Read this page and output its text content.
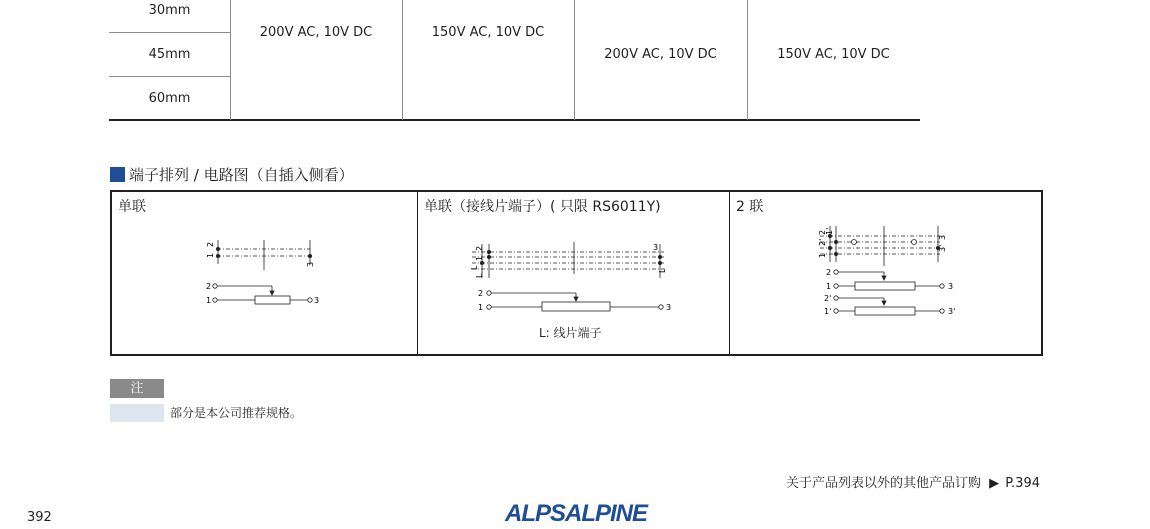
30mm
45mm
60mm
200V AC, 10V DC	150V AC, 10V DC
200V AC, 10V DC	150V AC, 10V DC
端子排列 / 电路图（自插入侧看）
单联
2
1
3
2
1	3
单联（接线片端子）( 只限 RS6011Y)
2
1
L
L
3
L
2
1	3
L: 线片端子
2 联
2
2'
1
1'
3
3'
2
1	3
2'
1'	3'
注
部分是本公司推荐规格。
关于产品列表以外的其他产品订购 ▶ P.394
392	ALPSALPINE
